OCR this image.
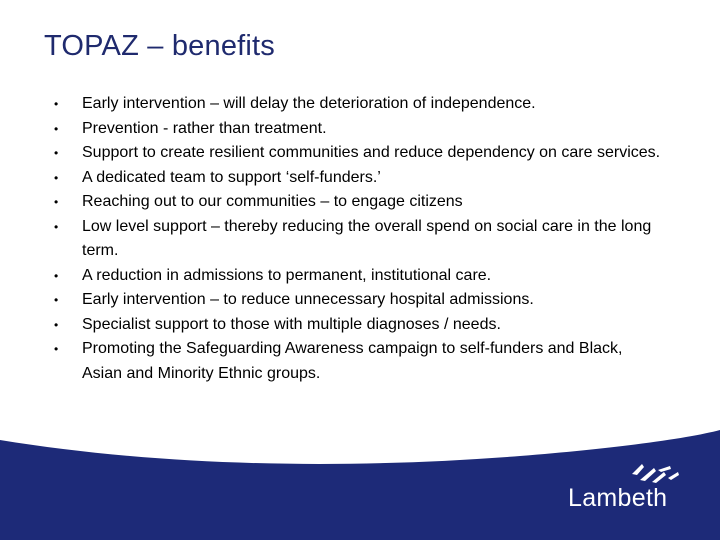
TOPAZ – benefits
• Early intervention – will delay the deterioration of independence.
• Prevention - rather than treatment.
• Support to create resilient communities and reduce dependency on care services.
• A dedicated team to support ‘self-funders.’
• Reaching out to our communities – to engage citizens
• Low level support – thereby reducing the overall spend on social care in the long term.
• A reduction in admissions to permanent, institutional care.
• Early intervention – to reduce unnecessary hospital admissions.
• Specialist support to those with multiple diagnoses / needs.
• Promoting the Safeguarding Awareness campaign to self-funders and Black, Asian and Minority Ethnic groups.
Lambeth
